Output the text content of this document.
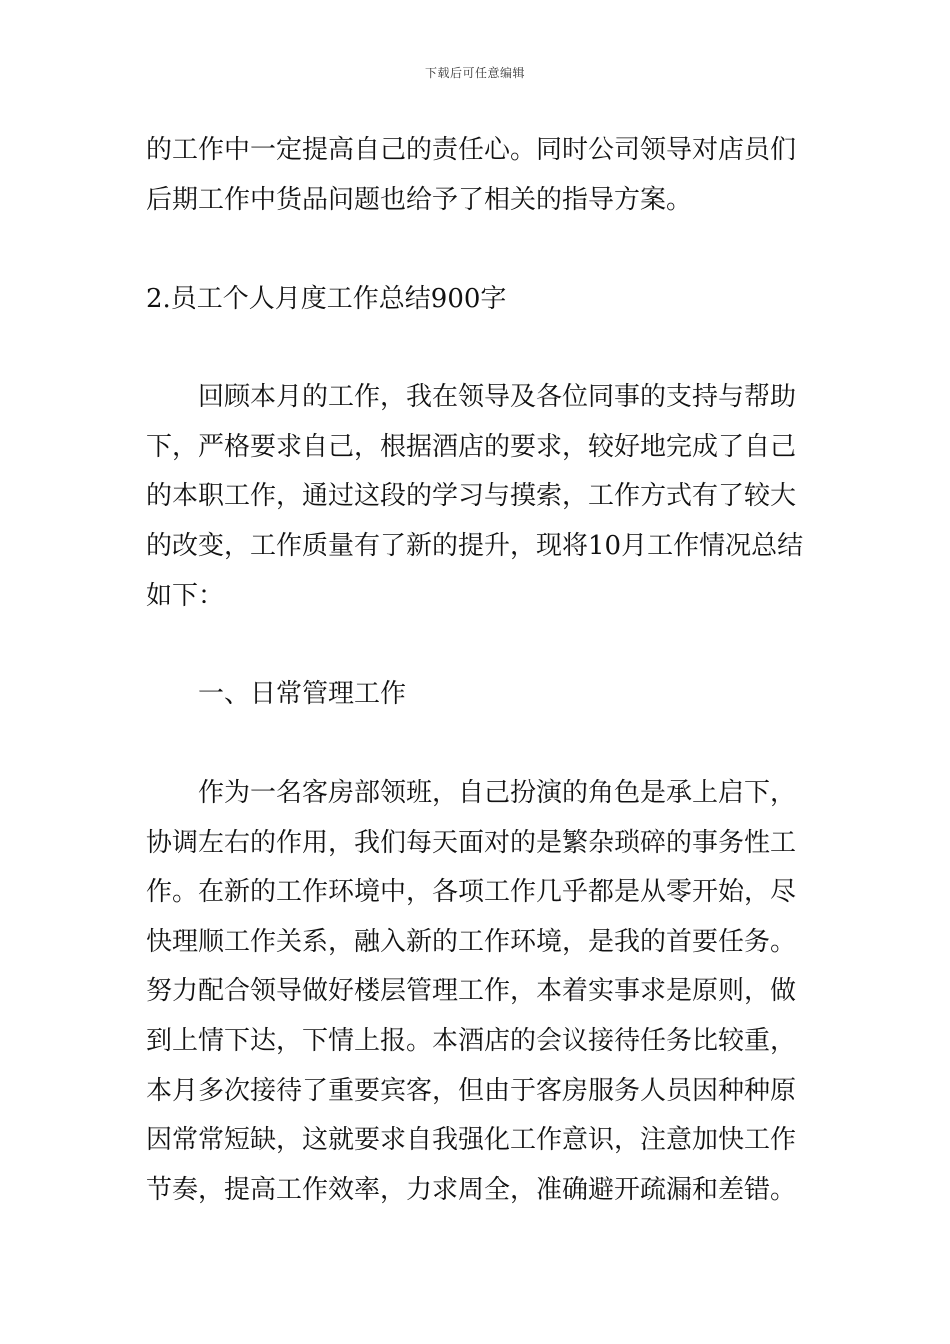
下载后可任意编辑
的工作中一定提高自己的责任心。同时公司领导对店员们
后期工作中货品问题也给予了相关的指导方案。
2.员工个人月度工作总结900字
回顾本月的工作，我在领导及各位同事的支持与帮助
下，严格要求自己，根据酒店的要求，较好地完成了自己
的本职工作，通过这段的学习与摸索，工作方式有了较大
的改变，工作质量有了新的提升，现将10月工作情况总结
如下：
一、日常管理工作
作为一名客房部领班，自己扮演的角色是承上启下，
协调左右的作用，我们每天面对的是繁杂琐碎的事务性工
作。在新的工作环境中，各项工作几乎都是从零开始，尽
快理顺工作关系，融入新的工作环境，是我的首要任务。
努力配合领导做好楼层管理工作，本着实事求是原则，做
到上情下达，下情上报。本酒店的会议接待任务比较重，
本月多次接待了重要宾客，但由于客房服务人员因种种原
因常常短缺，这就要求自我强化工作意识，注意加快工作
节奏，提高工作效率，力求周全，准确避开疏漏和差错。
